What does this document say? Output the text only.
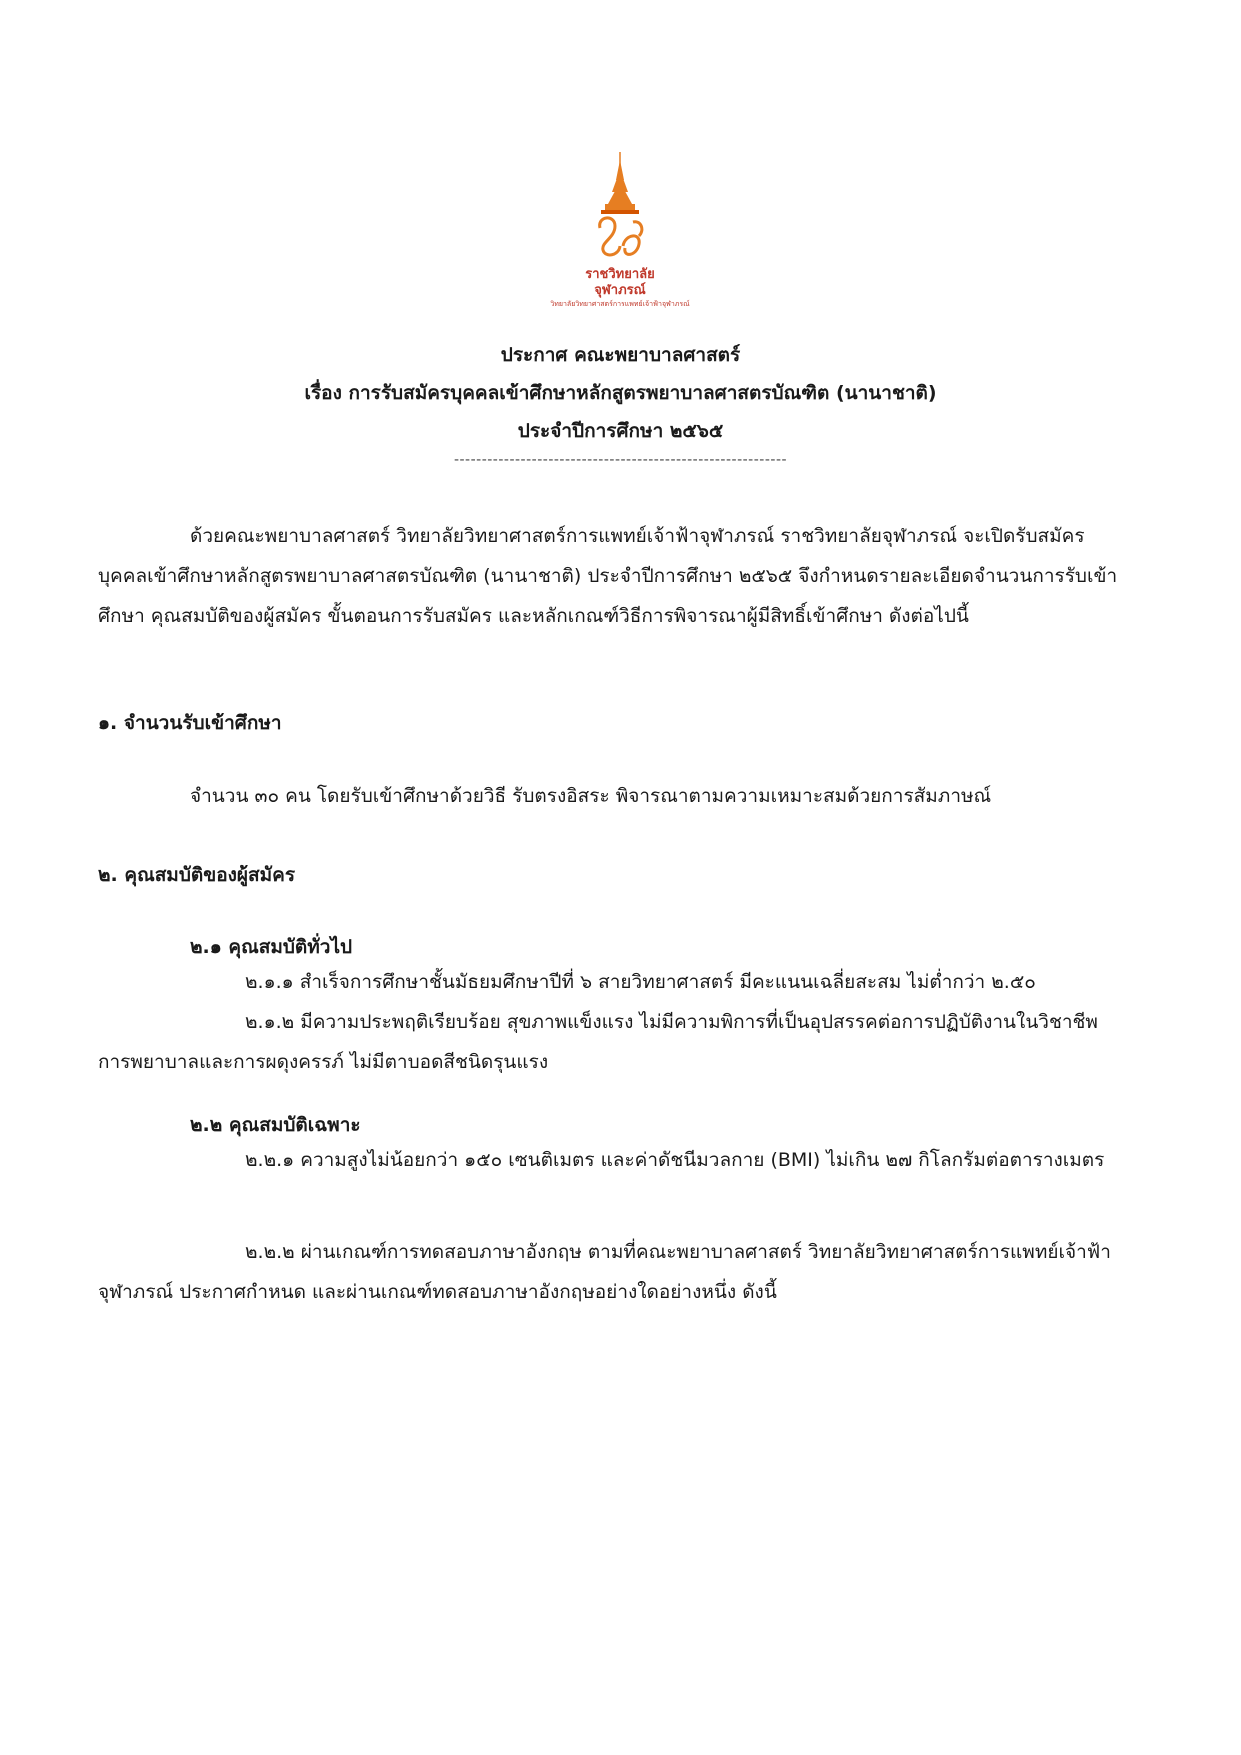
ราชวิทยาลัย
จุฬาภรณ์
วิทยาลัยวิทยาศาสตร์การแพทย์เจ้าฟ้าจุฬาภรณ์
ประกาศ คณะพยาบาลศาสตร์
เรื่อง การรับสมัครบุคคลเข้าศึกษาหลักสูตรพยาบาลศาสตรบัณฑิต (นานาชาติ)
ประจำปีการศึกษา ๒๕๖๕
------------------------------------------------------------
ด้วยคณะพยาบาลศาสตร์ วิทยาลัยวิทยาศาสตร์การแพทย์เจ้าฟ้าจุฬาภรณ์ ราชวิทยาลัยจุฬาภรณ์ จะเปิดรับสมัครบุคคลเข้าศึกษาหลักสูตรพยาบาลศาสตรบัณฑิต (นานาชาติ) ประจำปีการศึกษา ๒๕๖๕ จึงกำหนดรายละเอียดจำนวนการรับเข้าศึกษา คุณสมบัติของผู้สมัคร ขั้นตอนการรับสมัคร และหลักเกณฑ์วิธีการพิจารณาผู้มีสิทธิ์เข้าศึกษา ดังต่อไปนี้
๑. จำนวนรับเข้าศึกษา
จำนวน ๓๐ คน โดยรับเข้าศึกษาด้วยวิธี รับตรงอิสระ พิจารณาตามความเหมาะสมด้วยการสัมภาษณ์
๒. คุณสมบัติของผู้สมัคร
๒.๑ คุณสมบัติทั่วไป
๒.๑.๑ สำเร็จการศึกษาชั้นมัธยมศึกษาปีที่ ๖ สายวิทยาศาสตร์ มีคะแนนเฉลี่ยสะสม ไม่ต่ำกว่า ๒.๕๐
๒.๑.๒ มีความประพฤติเรียบร้อย สุขภาพแข็งแรง ไม่มีความพิการที่เป็นอุปสรรคต่อการปฏิบัติงานในวิชาชีพการพยาบาลและการผดุงครรภ์ ไม่มีตาบอดสีชนิดรุนแรง
๒.๒ คุณสมบัติเฉพาะ
๒.๒.๑ ความสูงไม่น้อยกว่า ๑๕๐ เซนติเมตร และค่าดัชนีมวลกาย (BMI) ไม่เกิน ๒๗ กิโลกรัมต่อตารางเมตร
๒.๒.๒ ผ่านเกณฑ์การทดสอบภาษาอังกฤษ ตามที่คณะพยาบาลศาสตร์ วิทยาลัยวิทยาศาสตร์การแพทย์เจ้าฟ้าจุฬาภรณ์ ประกาศกำหนด และผ่านเกณฑ์ทดสอบภาษาอังกฤษอย่างใดอย่างหนึ่ง ดังนี้
